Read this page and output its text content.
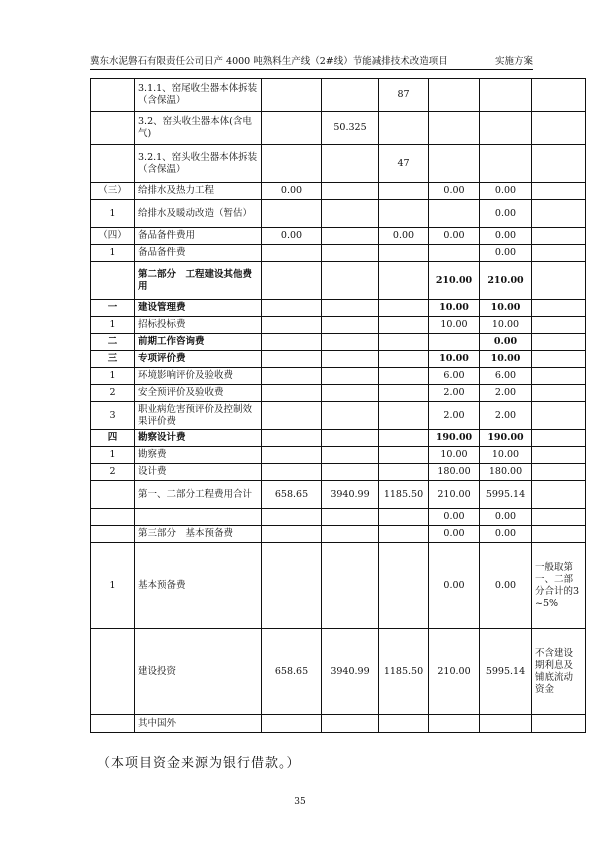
冀东水泥磐石有限责任公司日产 4000 吨熟料生产线（2#线）节能减排技术改造项目	实施方案
	3.1.1、窑尾收尘器本体拆装（含保温）			87			
	3.2、窑头收尘器本体(含电气)		50.325				
	3.2.1、窑头收尘器本体拆装（含保温）			47			
（三）	给排水及热力工程	0.00			0.00	0.00	
1	给排水及暖动改造（暂估）					0.00	
（四）	备品备件费用	0.00		0.00	0.00	0.00	
1	备品备件费					0.00	
	第二部分　工程建设其他费用				210.00	210.00	
一	建设管理费				10.00	10.00	
1	招标投标费				10.00	10.00	
二	前期工作咨询费					0.00	
三	专项评价费				10.00	10.00	
1	环境影响评价及验收费				6.00	6.00	
2	安全预评价及验收费				2.00	2.00	
3	职业病危害预评价及控制效果评价费				2.00	2.00	
四	勘察设计费				190.00	190.00	
1	勘察费				10.00	10.00	
2	设计费				180.00	180.00	
	第一、二部分工程费用合计	658.65	3940.99	1185.50	210.00	5995.14	
					0.00	0.00	
	第三部分　基本预备费				0.00	0.00	
1	基本预备费				0.00	0.00	一般取第一、二部分合计的3~5%
	建设投资	658.65	3940.99	1185.50	210.00	5995.14	不含建设期利息及铺底流动资金
	其中国外						
（本项目资金来源为银行借款。）
35
